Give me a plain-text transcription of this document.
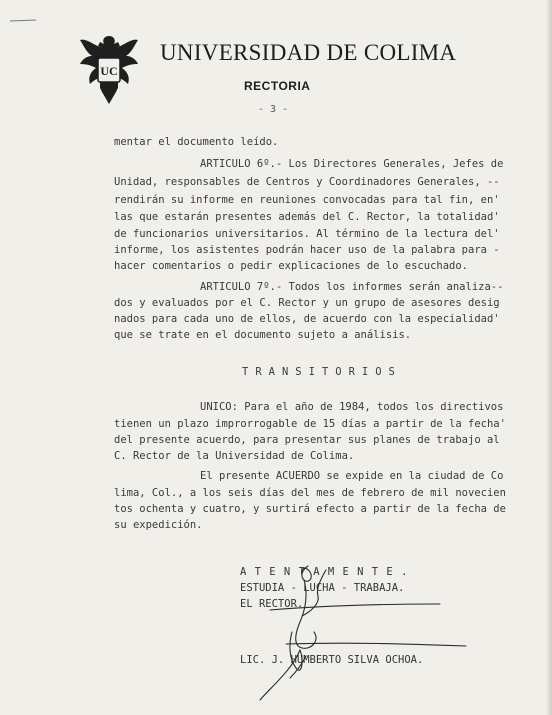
UC
UNIVERSIDAD DE COLIMA
RECTORIA
- 3 -
mentar el documento leído.
ARTICULO 6º.- Los Directores Generales, Jefes de
Unidad, responsables de Centros y Coordinadores Generales, --
rendirán su informe en reuniones convocadas para tal fin, en'
las que estarán presentes además del C. Rector, la totalidad'
de funcionarios universitarios. Al término de la lectura del'
informe, los asistentes podrán hacer uso de la palabra para -
hacer comentarios o pedir explicaciones de lo escuchado.
ARTICULO 7º.- Todos los informes serán analiza--
dos y evaluados por el C. Rector y un grupo de asesores desig
nados para cada uno de ellos, de acuerdo con la especialidad'
que se trate en el documento sujeto a análisis.
TRANSITORIOS
UNICO: Para el año de 1984, todos los directivos
tienen un plazo improrrogable de 15 días a partir de la fecha'
del presente acuerdo, para presentar sus planes de trabajo al
C. Rector de la Universidad de Colima.
El presente ACUERDO se expide en la ciudad de Co
lima, Col., a los seis días del mes de febrero de mil novecien
tos ochenta y cuatro, y surtirá efecto a partir de la fecha de
su expedición.
A T E N T A M E N T E .
ESTUDIA - LUCHA - TRABAJA.
EL RECTOR.
LIC. J. HUMBERTO SILVA OCHOA.
